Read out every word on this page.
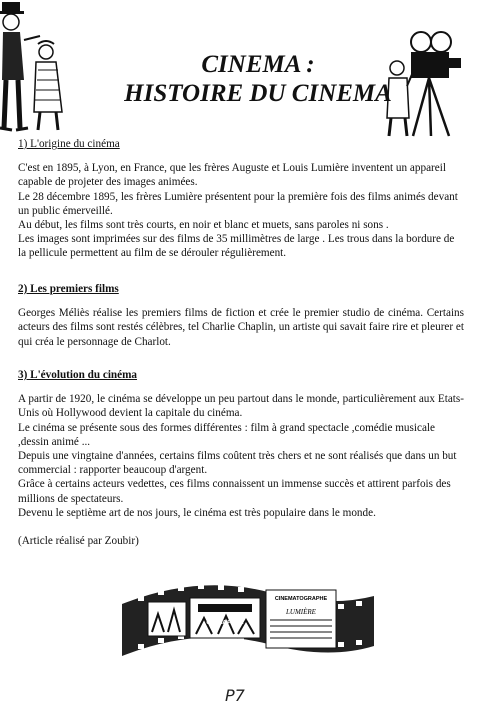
CINEMA :
HISTOIRE DU CINEMA

1) L'origine du cinéma

C'est en 1895, à Lyon, en France, que les frères Auguste et Louis Lumière inventent un appareil capable de projeter des images animées.

Le 28 décembre 1895, les frères Lumière présentent pour la première fois des films animés devant un public émerveillé.

Au début, les films sont très courts, en noir et blanc et muets, sans paroles ni sons .

Les images sont imprimées sur des films de 35 millimètres de large . Les trous dans la bordure de la pellicule permettent au film de se dérouler régulièrement.

2) Les premiers films

Georges Méliès réalise les premiers films de fiction et crée le premier studio de cinéma. Certains acteurs des films sont restés célèbres, tel Charlie Chaplin, un artiste qui savait faire rire et pleurer et qui créa le personnage de Charlot.

3) L'évolution du cinéma

A partir de 1920, le cinéma se développe un peu partout dans le monde, particulièrement aux Etats-Unis où Hollywood devient la capitale du cinéma.

Le cinéma se présente sous des formes différentes : film à grand spectacle ,comédie musicale ,dessin animé ...

Depuis une vingtaine d'années, certains films coûtent très chers et ne sont réalisés que dans un but commercial : rapporter beaucoup d'argent.

Grâce à certains acteurs vedettes, ces films connaissent un immense succès et attirent parfois des millions de spectateurs.

Devenu le septième art de nos jours, le cinéma est très populaire dans le monde.

(Article réalisé par Zoubir)

CINEMATOGRAPHE
LUMIÈRE
CINÉMA PATHÉ
P7
